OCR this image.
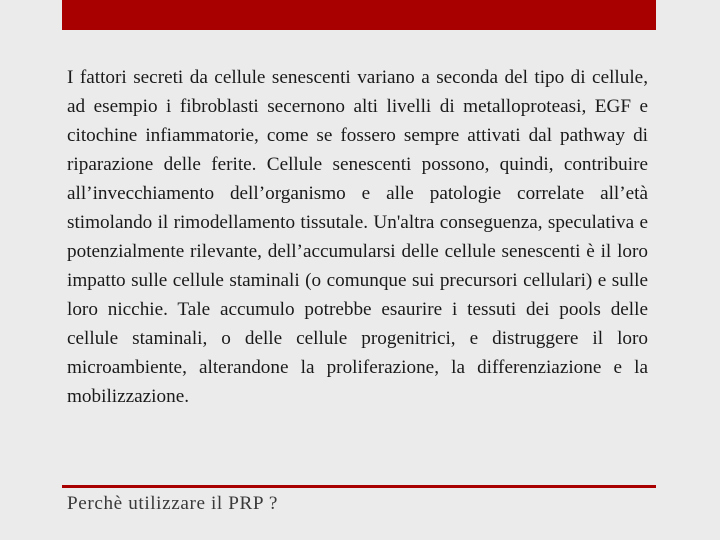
I fattori secreti da cellule senescenti variano a seconda del tipo di cellule, ad esempio i fibroblasti secernono alti livelli di metalloproteasi, EGF e citochine infiammatorie, come se fossero sempre attivati dal pathway di riparazione delle ferite. Cellule senescenti possono, quindi, contribuire all’invecchiamento dell’organismo e alle patologie correlate all’età stimolando il rimodellamento tissutale. Un'altra conseguenza, speculativa e potenzialmente rilevante, dell’accumularsi delle cellule senescenti è il loro impatto sulle cellule staminali (o comunque sui precursori cellulari) e sulle loro nicchie. Tale accumulo potrebbe esaurire i tessuti dei pools delle cellule staminali, o delle cellule progenitrici, e distruggere il loro microambiente, alterandone la proliferazione, la differenziazione e la mobilizzazione.

Perchè utilizzare il PRP ?
